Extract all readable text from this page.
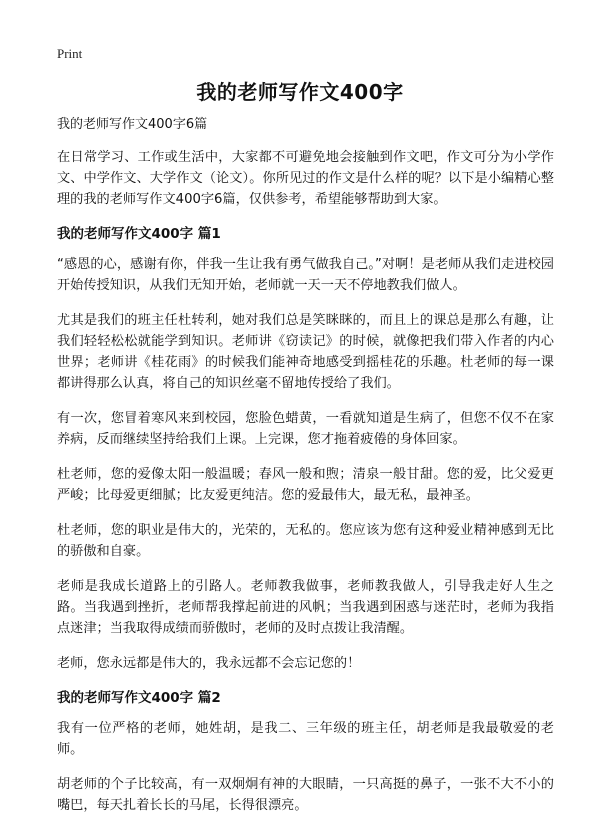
Print
我的老师写作文400字
我的老师写作文400字6篇

在日常学习、工作或生活中，大家都不可避免地会接触到作文吧，作文可分为小学作文、中学作文、大学作文（论文）。你所见过的作文是什么样的呢？以下是小编精心整理的我的老师写作文400字6篇，仅供参考，希望能够帮助到大家。

我的老师写作文400字 篇1

“感恩的心，感谢有你，伴我一生让我有勇气做我自己。”对啊！是老师从我们走进校园开始传授知识，从我们无知开始，老师就一天一天不停地教我们做人。

尤其是我们的班主任杜转利，她对我们总是笑眯眯的，而且上的课总是那么有趣，让我们轻轻松松就能学到知识。老师讲《窃读记》的时候，就像把我们带入作者的内心世界；老师讲《桂花雨》的时候我们能神奇地感受到摇桂花的乐趣。杜老师的每一课都讲得那么认真，将自己的知识丝毫不留地传授给了我们。

有一次，您冒着寒风来到校园，您脸色蜡黄，一看就知道是生病了，但您不仅不在家养病，反而继续坚持给我们上课。上完课，您才拖着疲倦的身体回家。

杜老师，您的爱像太阳一般温暖；春风一般和煦；清泉一般甘甜。您的爱，比父爱更严峻；比母爱更细腻；比友爱更纯洁。您的爱最伟大，最无私，最神圣。

杜老师，您的职业是伟大的，光荣的，无私的。您应该为您有这种爱业精神感到无比的骄傲和自豪。

老师是我成长道路上的引路人。老师教我做事，老师教我做人，引导我走好人生之路。当我遇到挫折，老师帮我撑起前进的风帆；当我遇到困惑与迷茫时，老师为我指点迷津；当我取得成绩而骄傲时，老师的及时点拨让我清醒。

老师，您永远都是伟大的，我永远都不会忘记您的！

我的老师写作文400字 篇2

我有一位严格的老师，她姓胡，是我二、三年级的班主任，胡老师是我最敬爱的老师。

胡老师的个子比较高，有一双炯炯有神的大眼睛，一只高挺的鼻子，一张不大不小的嘴巴，每天扎着长长的马尾，长得很漂亮。
